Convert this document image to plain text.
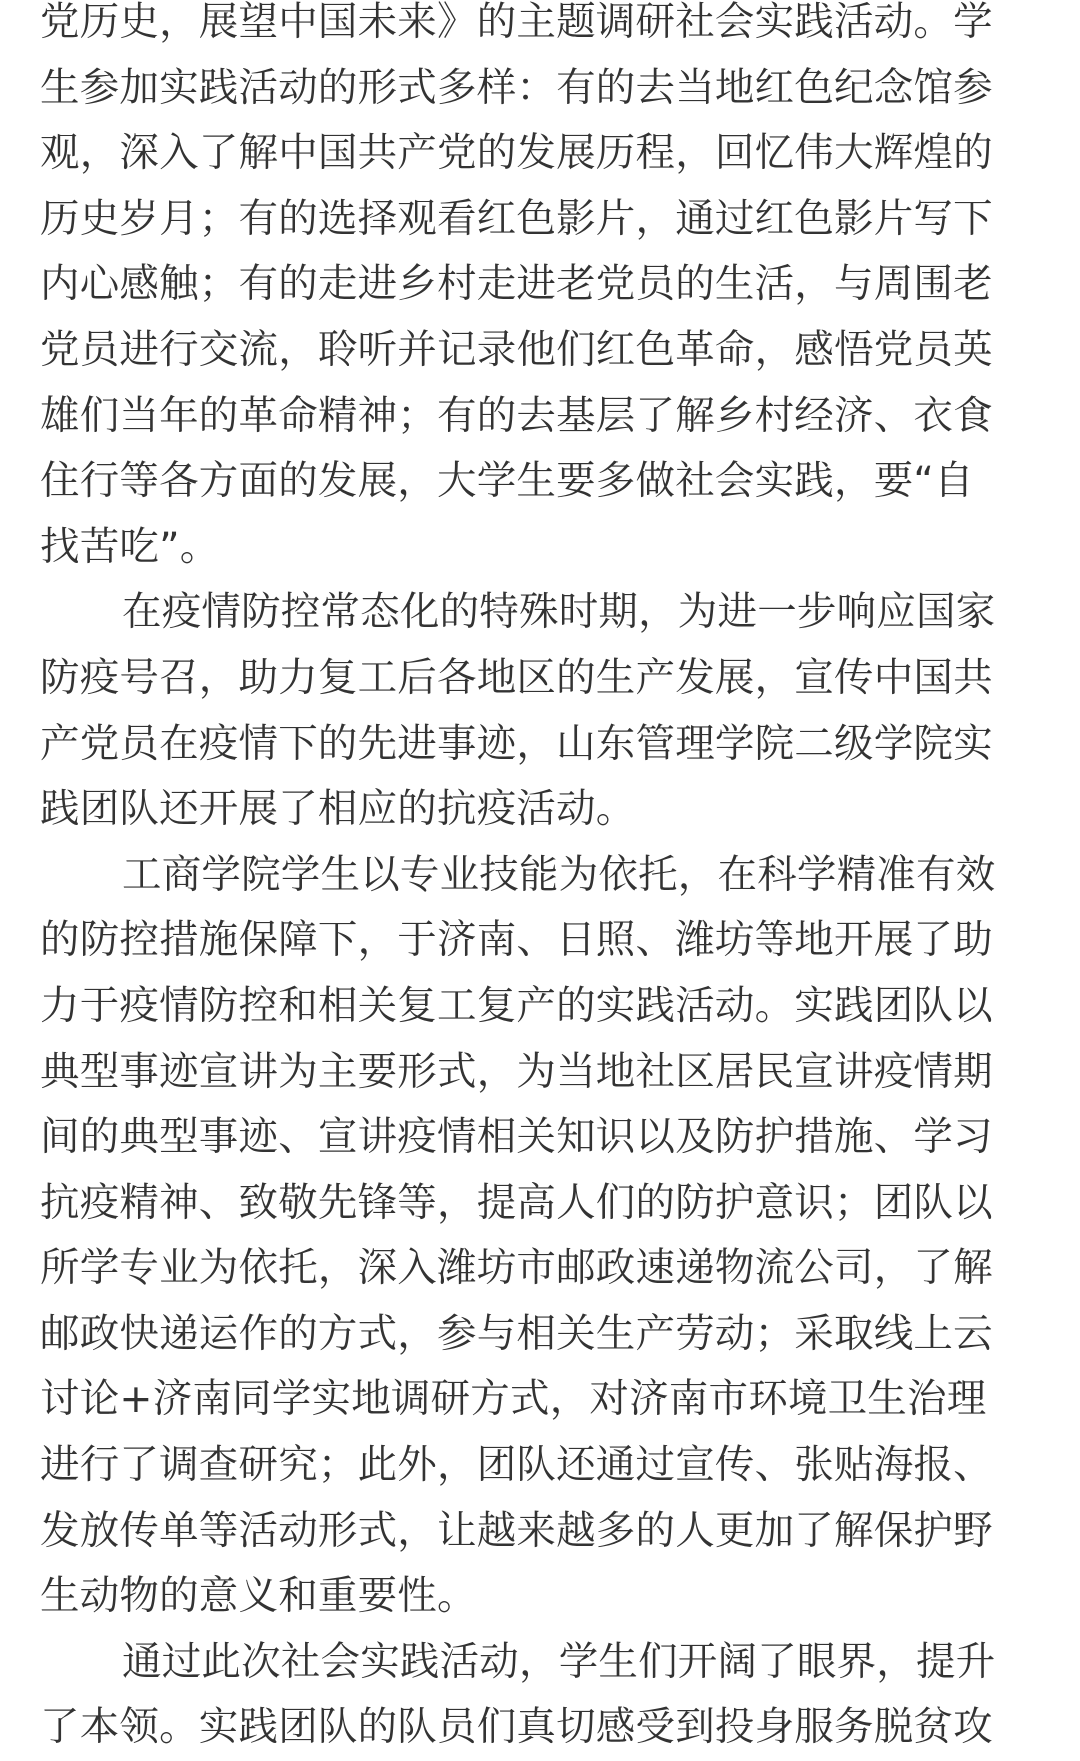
党历史，展望中国未来》的主题调研社会实践活动。学
生参加实践活动的形式多样：有的去当地红色纪念馆参
观，深入了解中国共产党的发展历程，回忆伟大辉煌的
历史岁月；有的选择观看红色影片，通过红色影片写下
内心感触；有的走进乡村走进老党员的生活，与周围老
党员进行交流，聆听并记录他们红色革命，感悟党员英
雄们当年的革命精神；有的去基层了解乡村经济、衣食
住行等各方面的发展，大学生要多做社会实践，要“自
找苦吃”。
在疫情防控常态化的特殊时期，为进一步响应国家
防疫号召，助力复工后各地区的生产发展，宣传中国共
产党员在疫情下的先进事迹，山东管理学院二级学院实
践团队还开展了相应的抗疫活动。
工商学院学生以专业技能为依托，在科学精准有效
的防控措施保障下，于济南、日照、潍坊等地开展了助
力于疫情防控和相关复工复产的实践活动。实践团队以
典型事迹宣讲为主要形式，为当地社区居民宣讲疫情期
间的典型事迹、宣讲疫情相关知识以及防护措施、学习
抗疫精神、致敬先锋等，提高人们的防护意识；团队以
所学专业为依托，深入潍坊市邮政速递物流公司，了解
邮政快递运作的方式，参与相关生产劳动；采取线上云
讨论+济南同学实地调研方式，对济南市环境卫生治理
进行了调查研究；此外，团队还通过宣传、张贴海报、
发放传单等活动形式，让越来越多的人更加了解保护野
生动物的意义和重要性。
通过此次社会实践活动，学生们开阔了眼界，提升
了本领。实践团队的队员们真切感受到投身服务脱贫攻
